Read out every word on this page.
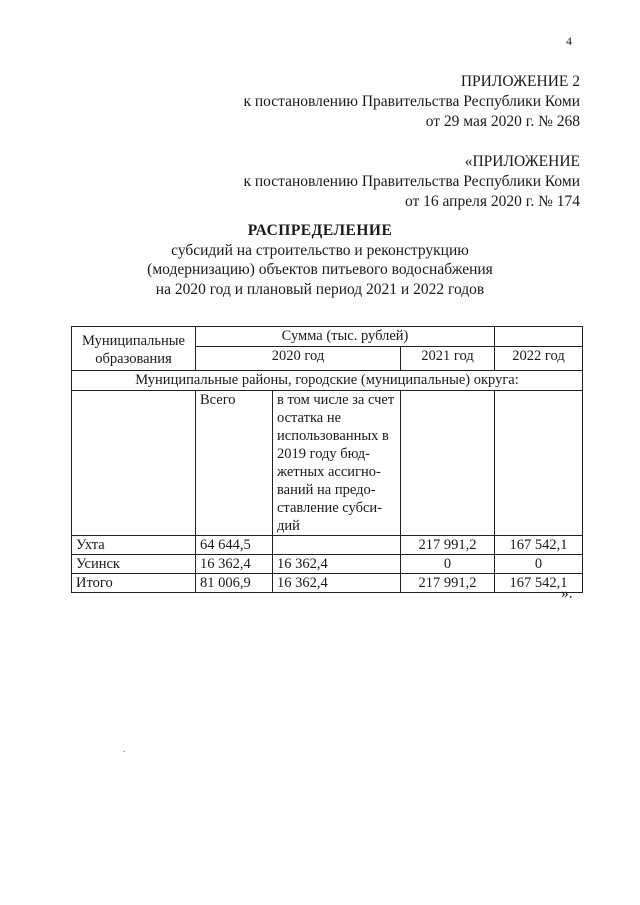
4
ПРИЛОЖЕНИЕ 2
к постановлению Правительства Республики Коми
от 29 мая 2020 г. № 268
«ПРИЛОЖЕНИЕ
к постановлению Правительства Республики Коми
от 16 апреля 2020 г. № 174
РАСПРЕДЕЛЕНИЕ
субсидий на строительство и реконструкцию
(модернизацию) объектов питьевого водоснабжения
на 2020 год и плановый период 2021 и 2022 годов
Муниципальные образования	Сумма (тыс. рублей)			
	2020 год		2021 год	2022 год
Муниципальные районы, городские (муниципальные) округа:				
	Всего	в том числе за счет остатка не использованных в 2019 году бюд-жетных ассигно-ваний на предо-ставление субси-дий		
Ухта	64 644,5		217 991,2	167 542,1
Усинск	16 362,4	16 362,4	0	0
Итого	81 006,9	16 362,4	217 991,2	167 542,1
».
.
